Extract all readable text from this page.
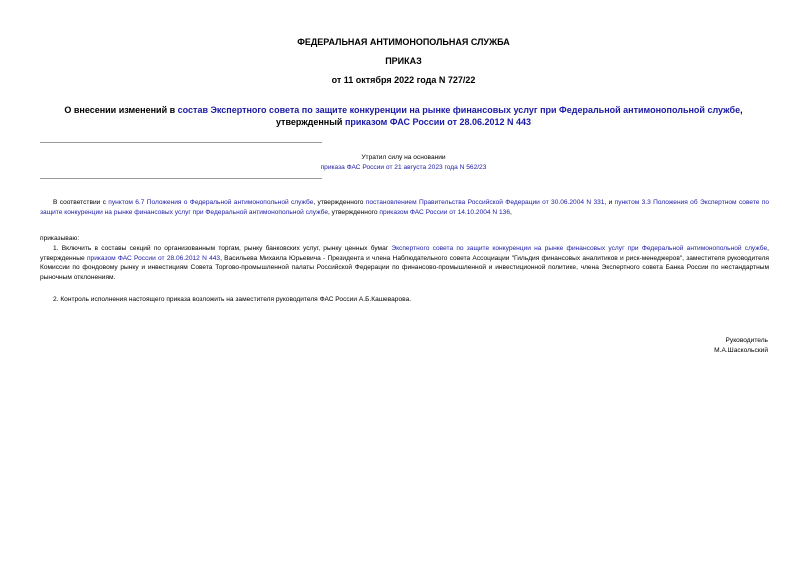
ФЕДЕРАЛЬНАЯ АНТИМОНОПОЛЬНАЯ СЛУЖБА
ПРИКАЗ
от 11 октября 2022 года N 727/22
О внесении изменений в состав Экспертного совета по защите конкуренции на рынке финансовых услуг при Федеральной антимонопольной службе, утвержденный приказом ФАС России от 28.06.2012 N 443
Утратил силу на основании
приказа ФАС России от 21 августа 2023 года N 562/23
В соответствии с пунктом 6.7 Положения о Федеральной антимонопольной службе, утвержденного постановлением Правительства Российской Федерации от 30.06.2004 N 331, и пунктом 3.3 Положения об Экспертном совете по защите конкуренции на рынке финансовых услуг при Федеральной антимонопольной службе, утвержденного приказом ФАС России от 14.10.2004 N 136,
приказываю:
1. Включить в составы секций по организованным торгам, рынку банковских услуг, рынку ценных бумаг Экспертного совета по защите конкуренции на рынке финансовых услуг при Федеральной антимонопольной службе, утвержденные приказом ФАС России от 28.06.2012 N 443, Васильева Михаила Юрьевича - Президента и члена Наблюдательного совета Ассоциации "Гильдия финансовых аналитиков и риск-менеджеров", заместителя руководителя Комиссии по фондовому рынку и инвестициям Совета Торгово-промышленной палаты Российской Федерации по финансово-промышленной и инвестиционной политике, члена Экспертного совета Банка России по нестандартным рыночным отклонениям.
2. Контроль исполнения настоящего приказа возложить на заместителя руководителя ФАС России А.Б.Кашеварова.
Руководитель
М.А.Шаскольский
